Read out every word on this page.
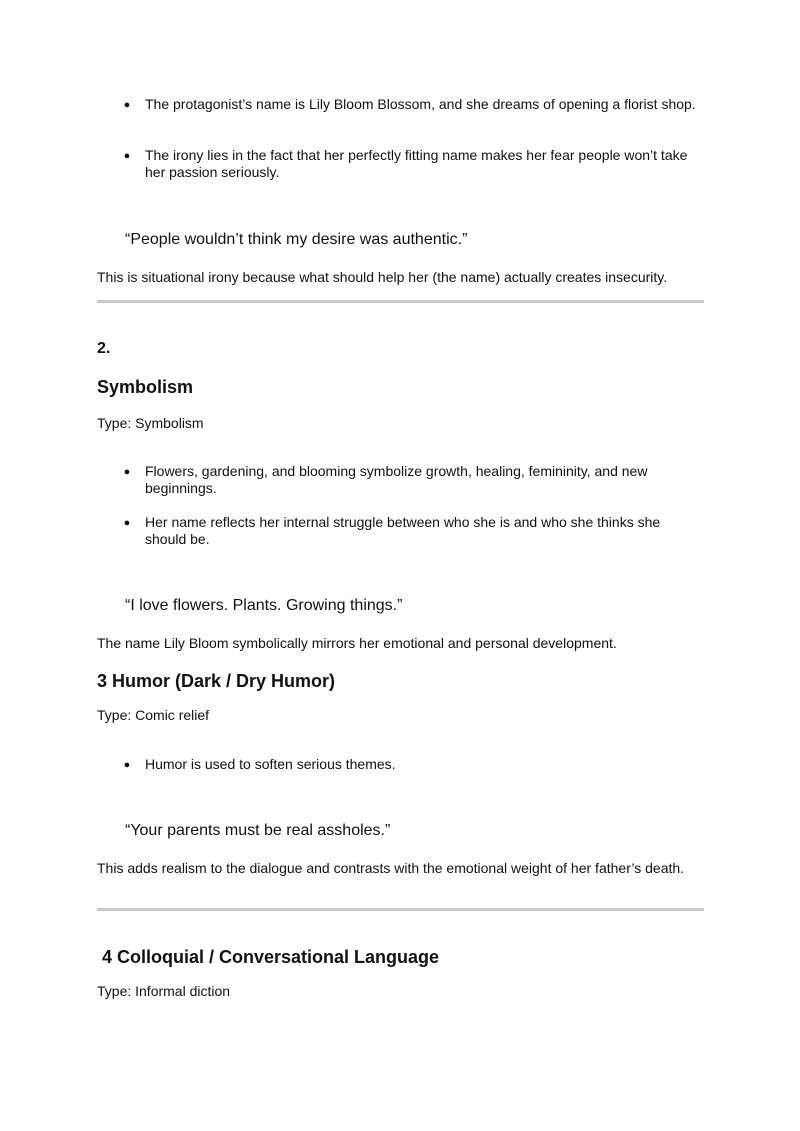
● The protagonist’s name is Lily Bloom Blossom, and she dreams of opening a florist shop.
● The irony lies in the fact that her perfectly fitting name makes her fear people won’t take her passion seriously.
“People wouldn’t think my desire was authentic.”
This is situational irony because what should help her (the name) actually creates insecurity.
2.
Symbolism
Type: Symbolism
● Flowers, gardening, and blooming symbolize growth, healing, femininity, and new beginnings.
● Her name reflects her internal struggle between who she is and who she thinks she should be.
“I love flowers. Plants. Growing things.”
The name Lily Bloom symbolically mirrors her emotional and personal development.
3 Humor (Dark / Dry Humor)
Type: Comic relief
● Humor is used to soften serious themes.
“Your parents must be real assholes.”
This adds realism to the dialogue and contrasts with the emotional weight of her father’s death.
4 Colloquial / Conversational Language
Type: Informal diction
